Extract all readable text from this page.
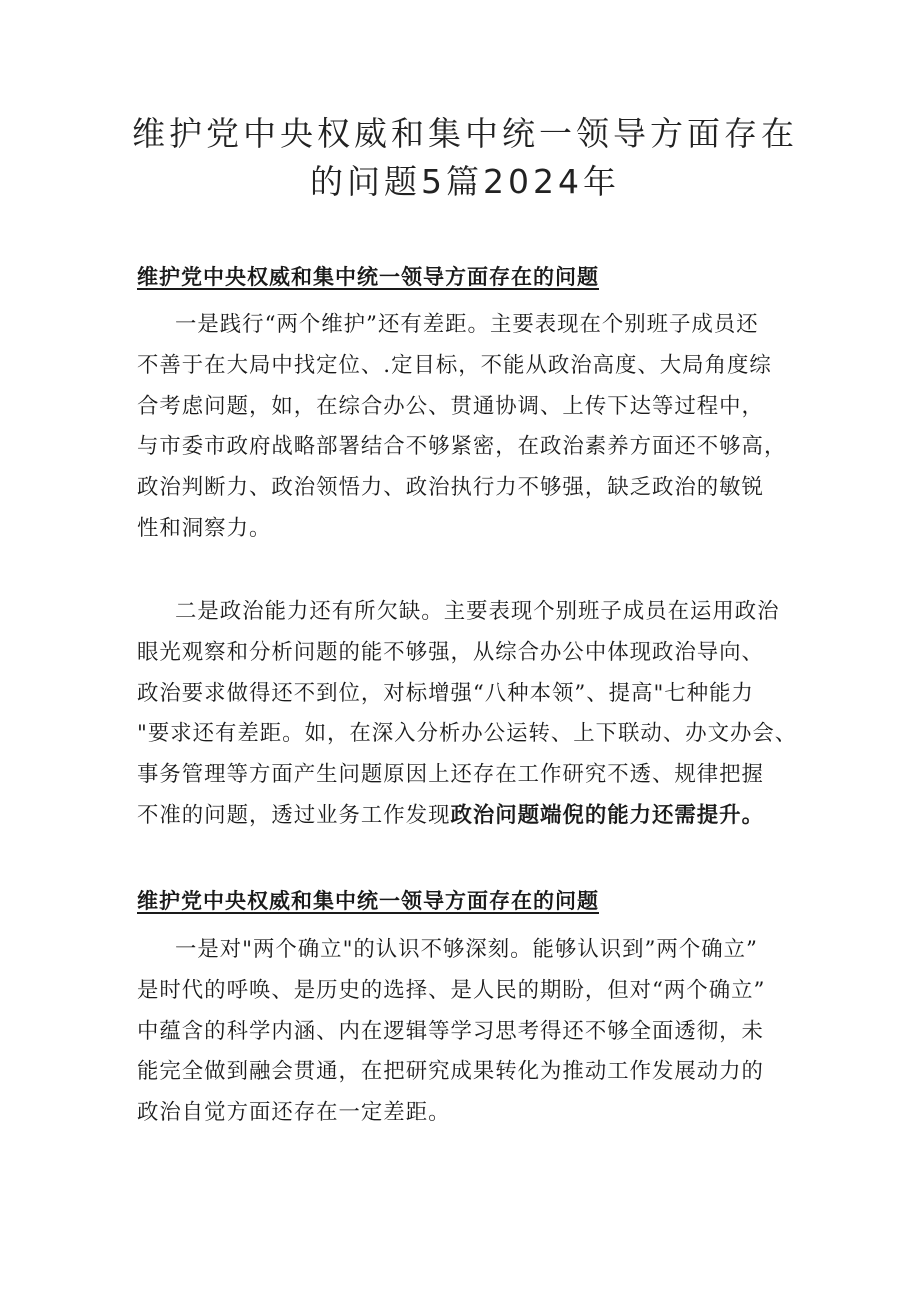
维护党中央权威和集中统一领导方面存在
的问题5篇2024年
维护党中央权威和集中统一领导方面存在的问题
一是践行“两个维护”还有差距。主要表现在个别班子成员还
不善于在大局中找定位、.定目标，不能从政治高度、大局角度综
合考虑问题，如，在综合办公、贯通协调、上传下达等过程中，
与市委市政府战略部署结合不够紧密，在政治素养方面还不够高，
政治判断力、政治领悟力、政治执行力不够强，缺乏政治的敏锐
性和洞察力。
二是政治能力还有所欠缺。主要表现个别班子成员在运用政治
眼光观察和分析问题的能不够强，从综合办公中体现政治导向、
政治要求做得还不到位，对标增强“八种本领”、提高"七种能力
"要求还有差距。如，在深入分析办公运转、上下联动、办文办会、
事务管理等方面产生问题原因上还存在工作研究不透、规律把握
不准的问题，透过业务工作发现政治问题端倪的能力还需提升。
维护党中央权威和集中统一领导方面存在的问题
一是对"两个确立"的认识不够深刻。能够认识到”两个确立”
是时代的呼唤、是历史的选择、是人民的期盼，但对“两个确立”
中蕴含的科学内涵、内在逻辑等学习思考得还不够全面透彻，未
能完全做到融会贯通，在把研究成果转化为推动工作发展动力的
政治自觉方面还存在一定差距。
